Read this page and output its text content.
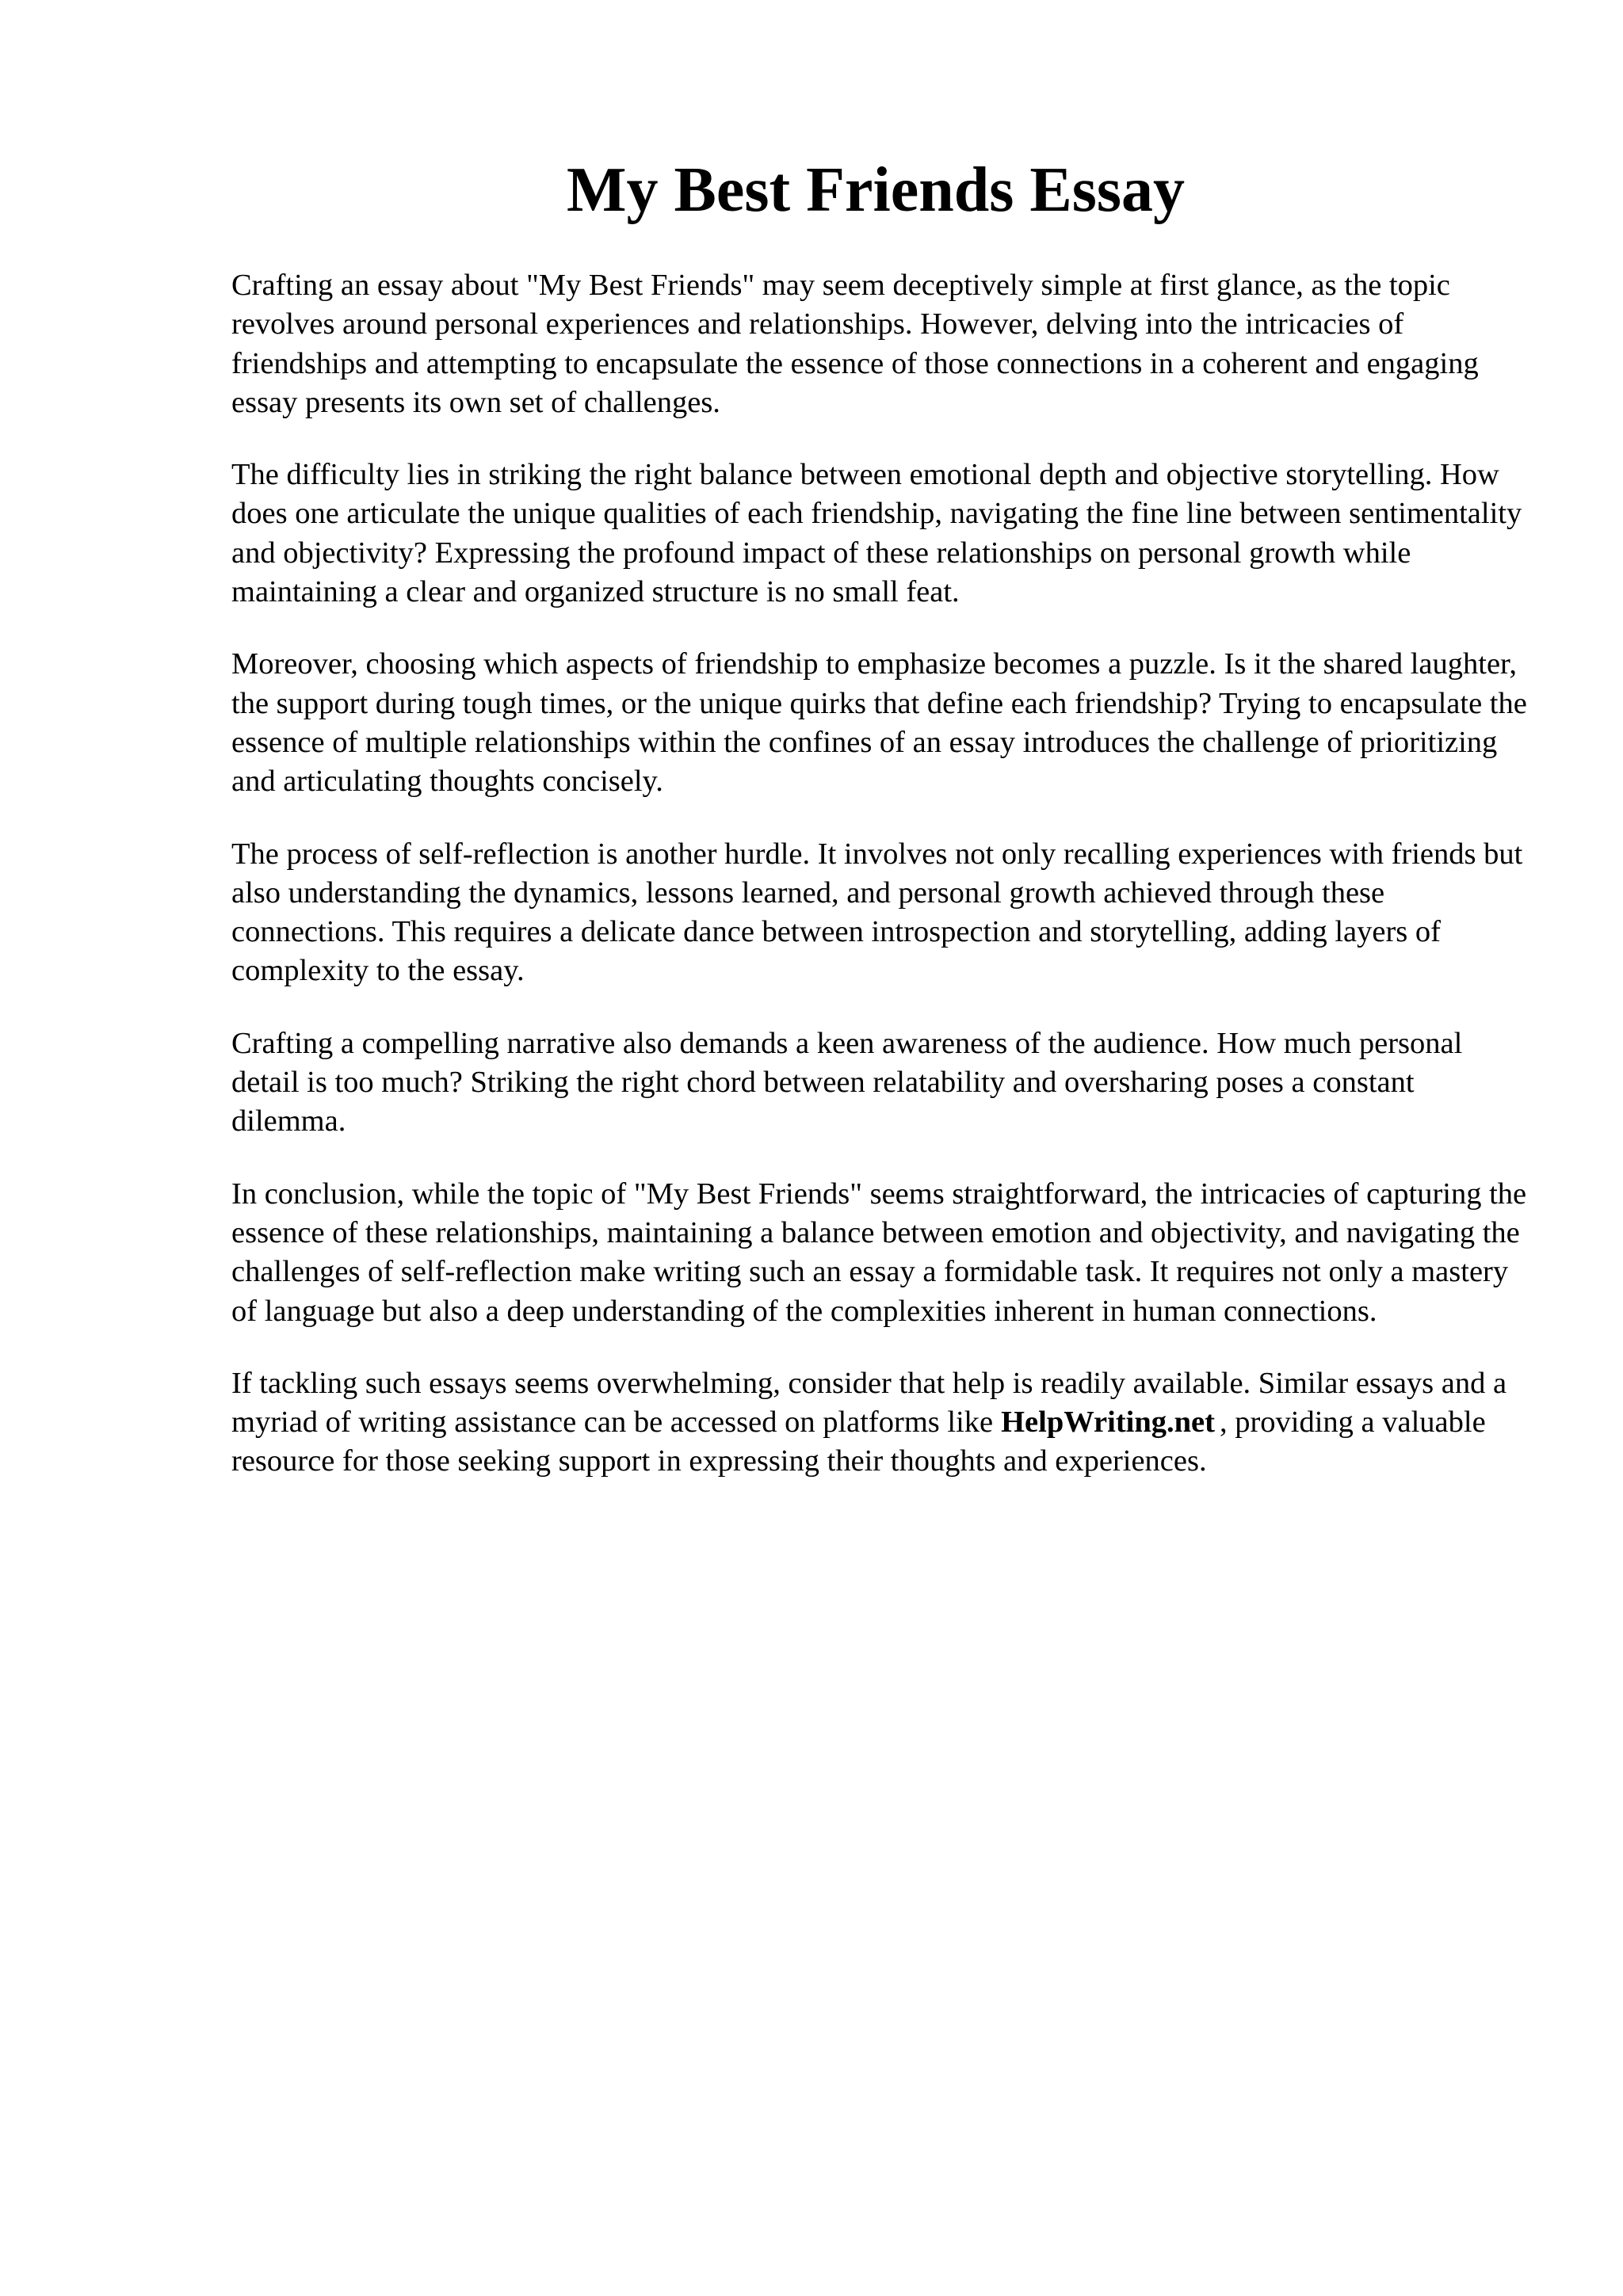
My Best Friends Essay

Crafting an essay about "My Best Friends" may seem deceptively simple at first glance, as the topic revolves around personal experiences and relationships. However, delving into the intricacies of friendships and attempting to encapsulate the essence of those connections in a coherent and engaging essay presents its own set of challenges.

The difficulty lies in striking the right balance between emotional depth and objective storytelling. How does one articulate the unique qualities of each friendship, navigating the fine line between sentimentality and objectivity? Expressing the profound impact of these relationships on personal growth while maintaining a clear and organized structure is no small feat.

Moreover, choosing which aspects of friendship to emphasize becomes a puzzle. Is it the shared laughter, the support during tough times, or the unique quirks that define each friendship? Trying to encapsulate the essence of multiple relationships within the confines of an essay introduces the challenge of prioritizing and articulating thoughts concisely.

The process of self-reflection is another hurdle. It involves not only recalling experiences with friends but also understanding the dynamics, lessons learned, and personal growth achieved through these connections. This requires a delicate dance between introspection and storytelling, adding layers of complexity to the essay.

Crafting a compelling narrative also demands a keen awareness of the audience. How much personal detail is too much? Striking the right chord between relatability and oversharing poses a constant dilemma.

In conclusion, while the topic of "My Best Friends" seems straightforward, the intricacies of capturing the essence of these relationships, maintaining a balance between emotion and objectivity, and navigating the challenges of self-reflection make writing such an essay a formidable task. It requires not only a mastery of language but also a deep understanding of the complexities inherent in human connections.

If tackling such essays seems overwhelming, consider that help is readily available. Similar essays and a myriad of writing assistance can be accessed on platforms like HelpWriting.net , providing a valuable resource for those seeking support in expressing their thoughts and experiences.
